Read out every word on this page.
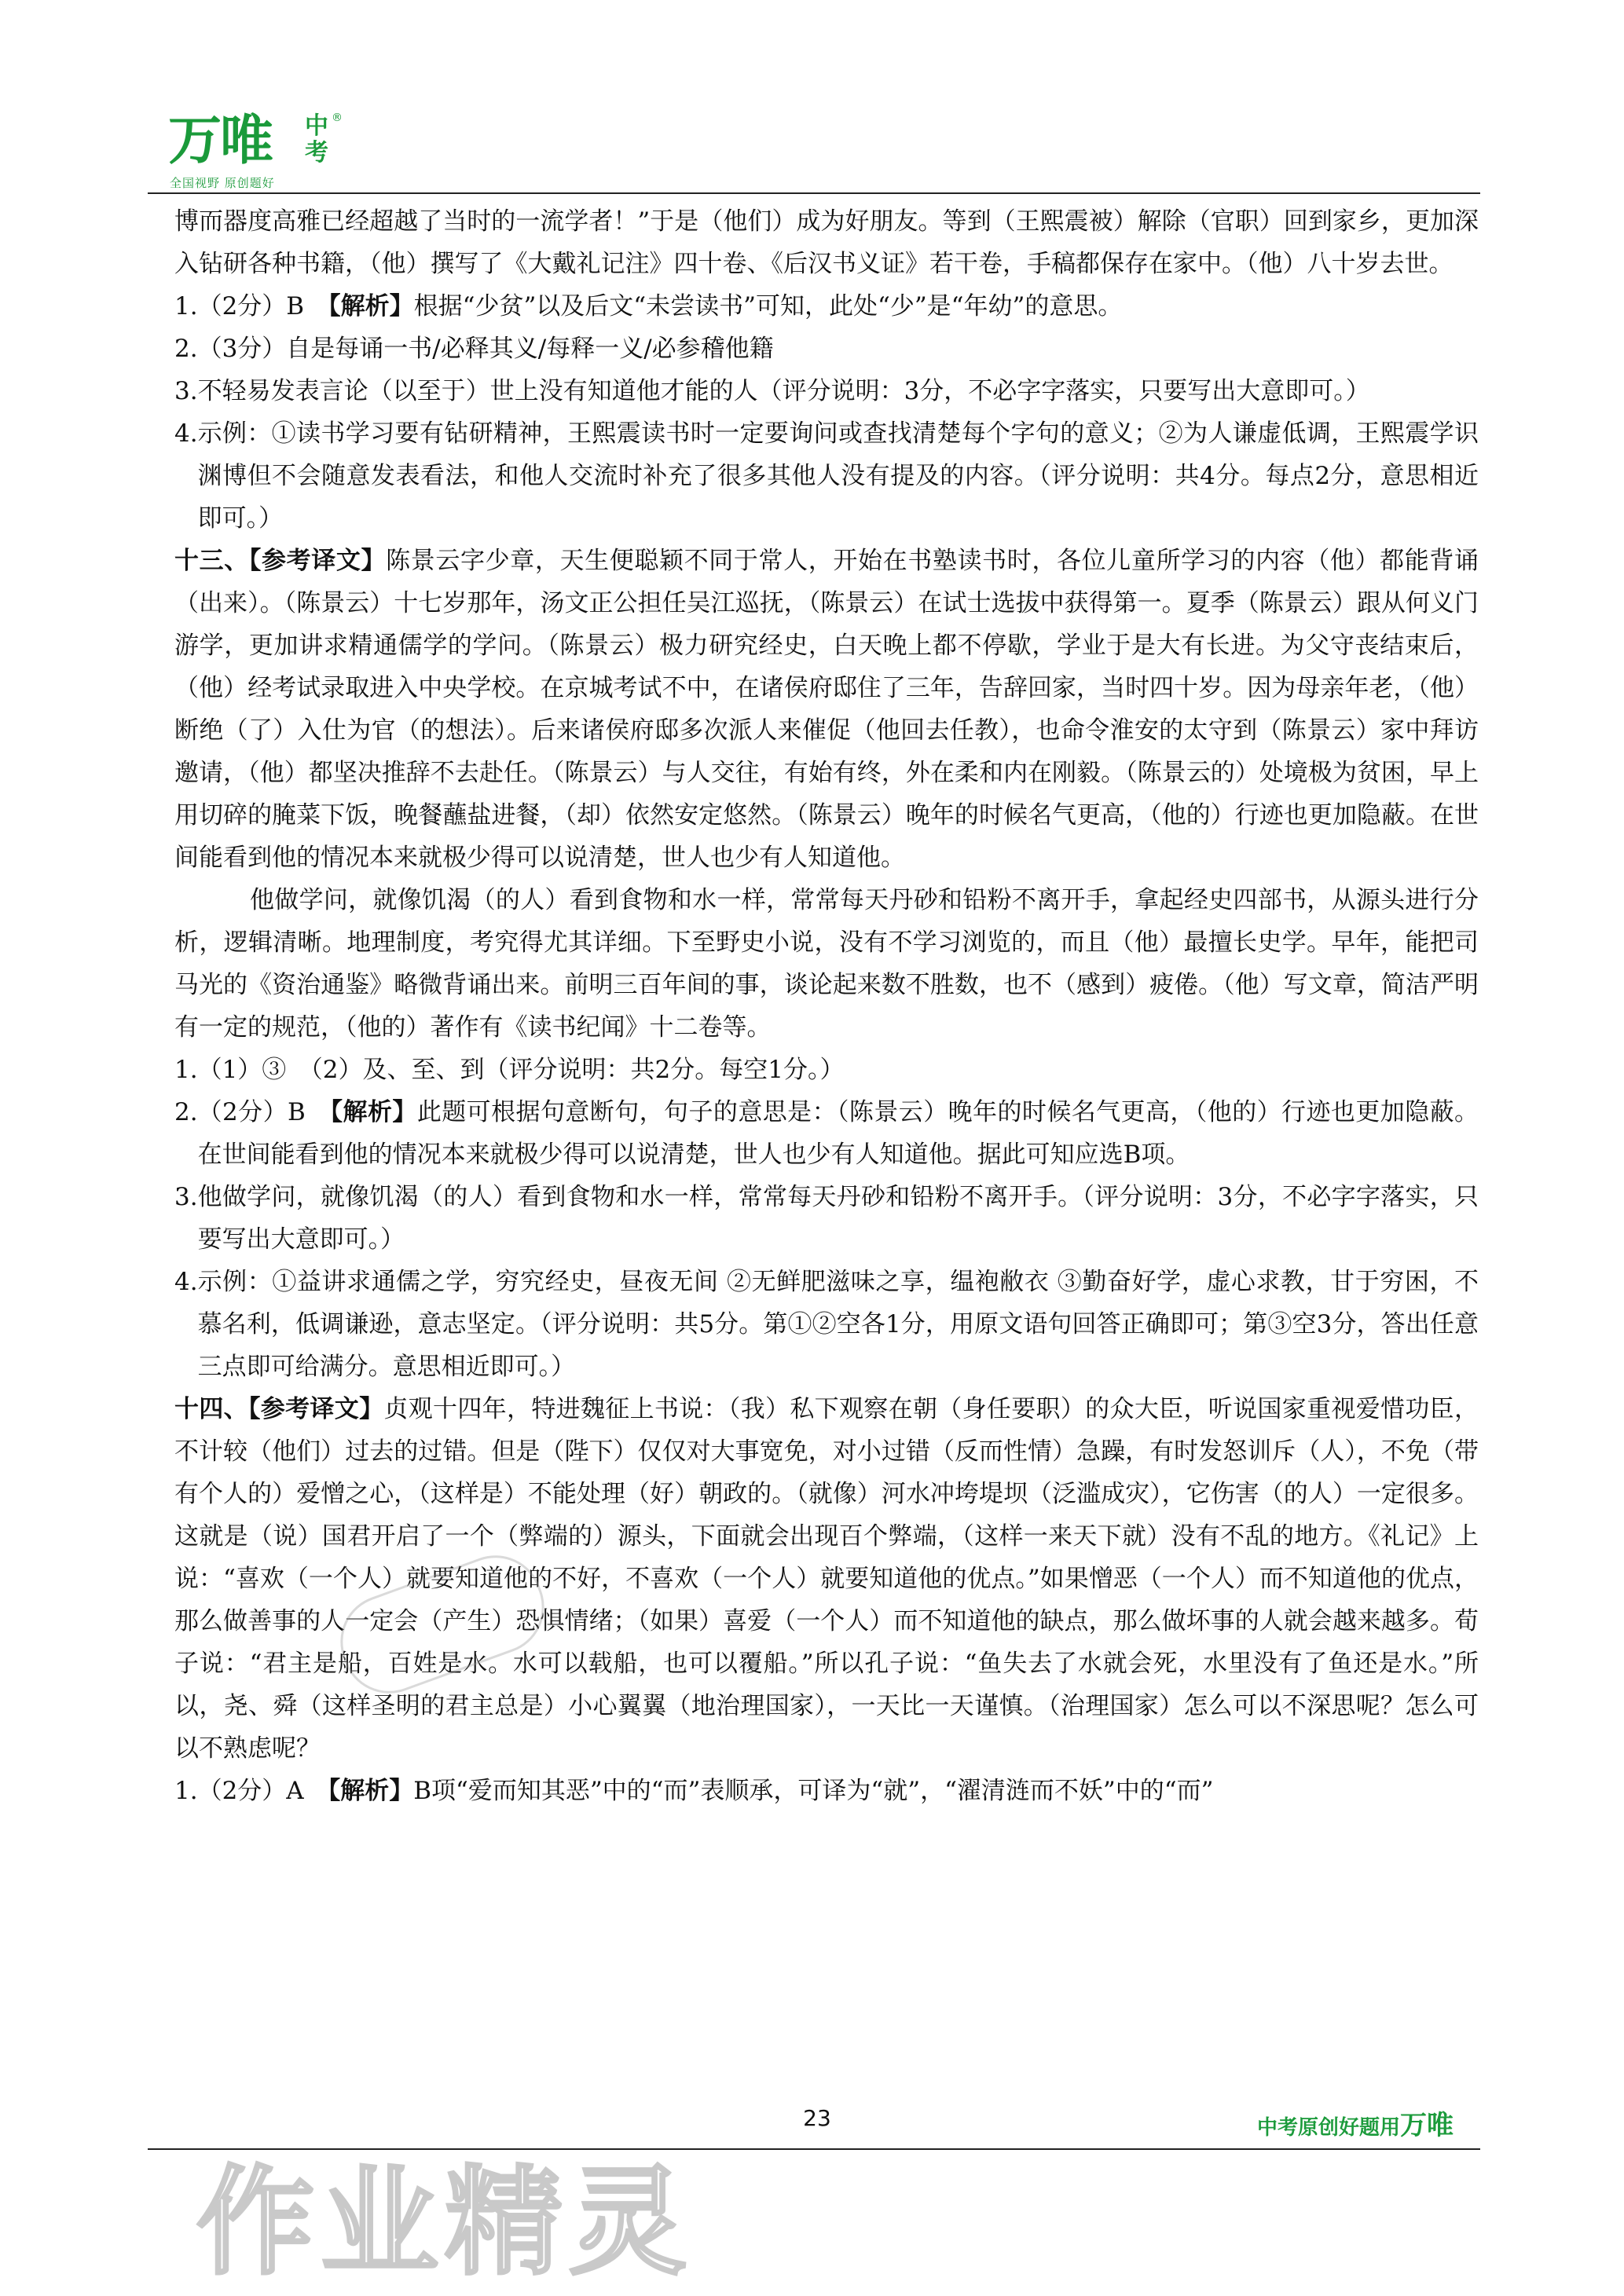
万唯 中考
®
全国视野 原创题好

博而器度高雅已经超越了当时的一流学者！”于是（他们）成为好朋友。等到（王熙震被）解除（官职）回到家乡，更加深入钻研各种书籍，（他）撰写了《大戴礼记注》四十卷、《后汉书义证》若干卷，手稿都保存在家中。（他）八十岁去世。

1. （2分）B　【解析】根据“少贫”以及后文“未尝读书”可知，此处“少”是“年幼”的意思。
2. （3分）自是每诵一书/必释其义/每释一义/必参稽他籍
3. 不轻易发表言论（以至于）世上没有知道他才能的人（评分说明：3分，不必字字落实，只要写出大意即可。）
4. 示例：①读书学习要有钻研精神，王熙震读书时一定要询问或查找清楚每个字句的意义；②为人谦虚低调，王熙震学识渊博但不会随意发表看法，和他人交流时补充了很多其他人没有提及的内容。（评分说明：共4分。每点2分，意思相近即可。）

十三、【参考译文】陈景云字少章，天生便聪颖不同于常人，开始在书塾读书时，各位儿童所学习的内容（他）都能背诵（出来）。（陈景云）十七岁那年，汤文正公担任吴江巡抚，（陈景云）在试士选拔中获得第一。夏季（陈景云）跟从何义门游学，更加讲求精通儒学的学问。（陈景云）极力研究经史，白天晚上都不停歇，学业于是大有长进。为父守丧结束后，（他）经考试录取进入中央学校。在京城考试不中，在诸侯府邸住了三年，告辞回家，当时四十岁。因为母亲年老，（他）断绝（了）入仕为官（的想法）。后来诸侯府邸多次派人来催促（他回去任教），也命令淮安的太守到（陈景云）家中拜访邀请，（他）都坚决推辞不去赴任。（陈景云）与人交往，有始有终，外在柔和内在刚毅。（陈景云的）处境极为贫困，早上用切碎的腌菜下饭，晚餐蘸盐进餐，（却）依然安定悠然。（陈景云）晚年的时候名气更高，（他的）行迹也更加隐蔽。在世间能看到他的情况本来就极少得可以说清楚，世人也少有人知道他。

他做学问，就像饥渴（的人）看到食物和水一样，常常每天丹砂和铅粉不离开手，拿起经史四部书，从源头进行分析，逻辑清晰。地理制度，考究得尤其详细。下至野史小说，没有不学习浏览的，而且（他）最擅长史学。早年，能把司马光的《资治通鉴》略微背诵出来。前明三百年间的事，谈论起来数不胜数，也不（感到）疲倦。（他）写文章，简洁严明有一定的规范，（他的）著作有《读书纪闻》十二卷等。

1. （1）③　（2）及、至、到（评分说明：共2分。每空1分。）
2. （2分）B　【解析】此题可根据句意断句，句子的意思是：（陈景云）晚年的时候名气更高，（他的）行迹也更加隐蔽。在世间能看到他的情况本来就极少得可以说清楚，世人也少有人知道他。据此可知应选B项。
3. 他做学问，就像饥渴（的人）看到食物和水一样，常常每天丹砂和铅粉不离开手。（评分说明：3分，不必字字落实，只要写出大意即可。）
4. 示例：①益讲求通儒之学，穷究经史，昼夜无间 ②无鲜肥滋味之享，缊袍敝衣 ③勤奋好学，虚心求教，甘于穷困，不慕名利，低调谦逊，意志坚定。（评分说明：共5分。第①②空各1分，用原文语句回答正确即可；第③空3分，答出任意三点即可给满分。意思相近即可。）

十四、【参考译文】贞观十四年，特进魏征上书说：（我）私下观察在朝（身任要职）的众大臣，听说国家重视爱惜功臣，不计较（他们）过去的过错。但是（陛下）仅仅对大事宽免，对小过错（反而性情）急躁，有时发怒训斥（人），不免（带有个人的）爱憎之心，（这样是）不能处理（好）朝政的。（就像）河水冲垮堤坝（泛滥成灾），它伤害（的人）一定很多。这就是（说）国君开启了一个（弊端的）源头，下面就会出现百个弊端，（这样一来天下就）没有不乱的地方。《礼记》上说：“喜欢（一个人）就要知道他的不好，不喜欢（一个人）就要知道他的优点。”如果憎恶（一个人）而不知道他的优点，那么做善事的人一定会（产生）恐惧情绪；（如果）喜爱（一个人）而不知道他的缺点，那么做坏事的人就会越来越多。荀子说：“君主是船，百姓是水。水可以载船，也可以覆船。”所以孔子说：“鱼失去了水就会死，水里没有了鱼还是水。”所以，尧、舜（这样圣明的君主总是）小心翼翼（地治理国家），一天比一天谨慎。（治理国家）怎么可以不深思呢？怎么可以不熟虑呢？

1. （2分）A　【解析】B项“爱而知其恶”中的“而”表顺承，可译为“就”，“濯清涟而不妖”中的“而”
23	中考原创好题用万唯
作业精灵
